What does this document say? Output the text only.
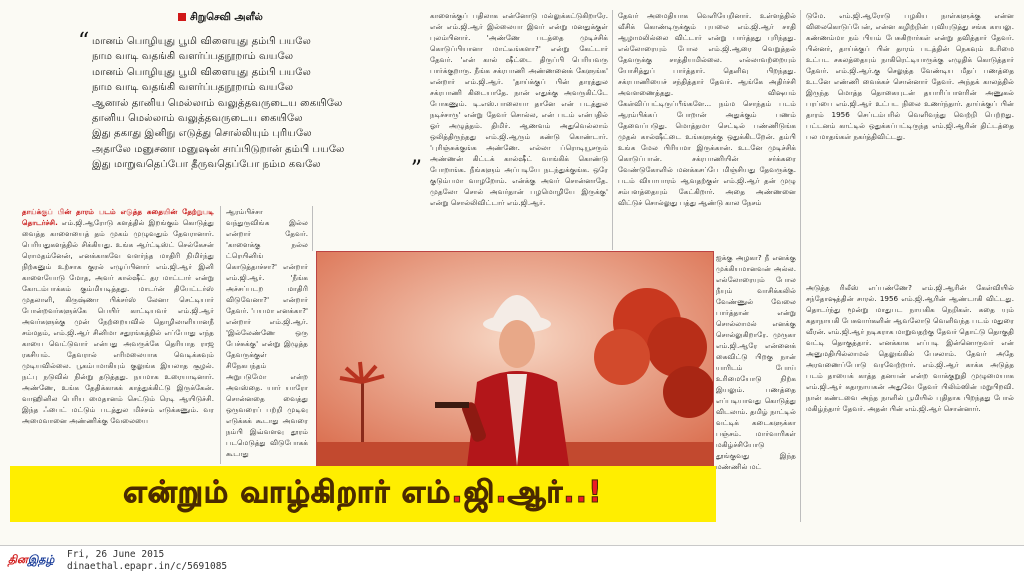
சிறுசெவி அளீல்
“ மானம் பொழியுது பூமி விளையுது தம்பி பயலே
நாம வாடி வதங்கி வளர்ப்பதநூறாம் வயலே
மானம் பொழியுது பூமி விளையுது தம்பி பயலே
நாம வாடி வதங்கி வளர்ப்பதநூறாம் வயலே
ஆனால் தானிய மெல்லாம் வலுத்தவருடைய கையிலே
தானிய மெல்லாம் வலுத்தவருடைய கையிலே
இது தகாது இனிநு எடுத்து சொல்லியும் புரியலே
அதாலே மனுசனா மனுஷன் சாப்பிடுறான் தம்பி பயலே
இது மாறுவதெப்போ தீருவதெப்போ நம்ம கவலே	”

தாய்க்குப் பின் தாரம் படம் எடுத்த கதையின் தேற்றுபடி தொடர்ச்சி. எம்.ஜி.ஆரோடு களத்தில் இறங்கும் கொடுத்து வைத்த காளையைத் தம் முகம் முழுவதும் தேவரானார். பெரியதுகளத்தில் சிக்கியது. உங்க ஆர்ட்டிஸ்ட் செல்கேசன் ரொமதம்னேன், எனக்காகவே வளர்ந்த மாதிரி நிமிர்ந்து நிற்கனும் உற்சாக குரல் எழுப்பினார் எம்.ஜி.ஆர் இனி காளையோடு மோத, அவர் கால்ஷீட் தர மாட்டார் என்று கோடம்பாக்கம் கும்மியடித்தது. மாடர்ன் தியேட்டர்ஸ் முதலாளி, கிருஷ்ணா பிக்சர்ஸ் லேனா செட்டியார் போன்றவர்களுக்கே பெயிர் காட்டியவர் எம்.ஜி.ஆர் அவர்களுக்கு முன் நேற்றையவில் தொழிலாளியானநீ சம்மதம், எம்.ஜி.ஆர் சினிமா சதுரங்கத்தில் எப்போது எந்த காயை வெட்டுவார் என்பது அவருக்கே தெரியாத ராஜ ரகசியம். தேவரால் எரிமலையாக வெடிக்கவும் முடியவில்லை. பூகம்பமாகியும் குலுங்க இயலாத சூழல். நட்பு நடுவில் நின்று தடுத்தது. நயமாக உரையாடினார். அண்ணே, உங்க தேதிக்காகக் காத்துக்கிட்டு இருக்கேன். வாஹினில பெரிய மைதானம் செட்டும் ரெடி ஆயிடுச்சி. இந்த ஃபைட் மட்டும் படத்துல மிச்சம் எடுக்கணும். வர அமைவானை அண்ணிக்கு வேலையை

ஆரம்பிச்சா வந்துருவிங்க இல்ல என்றார் தேவர். 'காளைக்கு நல்ல ட்ரெயினிங் கொடுத்தாச்சா?' என்றார் எம்.ஜி.ஆர். 'நீங்க அச்சப்படற மாதிரி விடுவேனா?' என்றார் தேவர். 'பயமா எனக்கா?' என்றார் எம்.ஜி.ஆர். 'இல்லேண்ணே ஒரு பேச்சுக்கு' என்று இழுத்த தேவருக்குள் சிநேகபந்தம் அறுபடுமோ என்ற அவஸ்தை. யார் யாரோ சொன்னதை வைத்து ஒருவரைப் பற்றி முடிவு எடுக்கக் கூடாது அவரை நம்பி இவ்வளவு தூரம் படமெடுத்து விடுபோகக் கூடாது

காளைக்குப் பதிலாக என்னோடு மல்லுக்கட்டுகிறாரே. என் எம்.ஜி.ஆர் இல்லையா இவர் என்று மனதுக்குள் புலம்பினார். 'அண்ணே படத்தை முடிச்சிக் கொடுப்பியானா மாட்டீங்களா?' என்று கேட்டார் தேவர். 'என் கால் ஷீட்டை திருப்பி பெரியவரு பார்க்குறாரு. நீங்க சக்ரபாணி அண்ணனைக் கேளுங்க' என்றார் எம்.ஜி.ஆர். 'தாய்க்குப் பின் தாரத்துல சக்ரபாணி கிடையாதே. நான் எதுக்கு அவருகிட்டே போகணும். டி.எஸ்.பாலையா தானே என் படத்துல நடிச்சாரு' என்று தேவர் சொல்ல, என் படம் என்பதில் ஓர் அழுத்தம். திமிர். ஆணவம் அதுவெல்லாம் ஒலித்திருந்தது எம்.ஜி.ஆரும் கண்டு கொண்டார். 'புரிஞ்சுக்குங்க அண்ணே. எல்லா ப்ரொடியூசரும் அண்ணன் கிட்டக் கால்ஷீட் வாங்கிக் கொண்டு போறாங்க. நீங்களும் அப்படியே நடந்துக்குங்க. ஒரே குடும்பமா வாழறோம். என்க்கு அவர் சொன்னாதே. முதலோ சொல் அவர்தான் பழமொழியே இருக்கு' என்று சொல்லிவிட்டார் எம்.ஜி.ஆர்.

தேவர் அமைதியாக வெளியேறினார். உள்ளத்தில் வீசிக் கொண்டிருக்கும் புயலை எம்.ஜி.ஆர் சாதி ஆழாமலில்லை விட்டார் என்று பார்த்தது புரிந்தது. எல்லோரையும் போல எம்.ஜி.ஆரை வெறுத்தல் தேவருக்கு சாத்தியமில்லை. எல்லாவற்றையும் யோசித்துப் பார்த்தார். தெளிவு பிறந்தது. சக்ரபாணியைச் சந்தித்தார் தேவர். ஆங்கே அதிர்ச்சி அவளணைத்தது. விஷயம் கேள்விப்பட்டிருப்பீங்களே... நம்ம சொந்தம் படம் ஆரம்பிக்கப் போறான் அதுக்கும் பணம் தேவைப்படுது. மொத்தமா செட்டில் பண்ணிடுங்க முதல் கால்ஷீட்டை உங்களுக்கு ஒதுக்கிடறேன். தம்பி உங்க மேல பிரியமா இருக்கான். உடனே முடிச்சிக் கொடுப்பான். சக்ரபாணியின் சர்க்கரை வேண்டுகோளில் மனக்கசப்பே மிஞ்சியது தேவருக்கு. படம் வியாபாரம் ஆவதற்குள் எம்.ஜி.ஆர் தன் முழு சம்பளத்தையும் கேட்கிறார். அதை அண்ணனை விட்டுச் சொல்லுது பத்து ஆண்டு கால நேசம்

ஐக்கு அழகா? நீ எனக்கு முக்கியமானவன் அல்ல. எல்லோரையும் போல நீயும் வாசிக்கலில் வேண்ணுல் வேலை பார்த்தான் என்று சொல்லாமல் எனக்கு சொல்லுகிறாரே. முருகா எம்.ஜி.ஆரே என்னைக் கைவிட்டு பிறகு நான் யாரிடம் போய் உரிமையோடு நிற்க இயலும். பணத்தை எப்படியாவது கொடுத்து விடலாம். தமிழ் நாட்டில் வட்டிக் கடைகளுக்கா பஞ்சம். மார்வாரிகள் மகிழ்ச்சியோடு தூங்குவது இந்த மண்ணில் மட்

டுமே. எம்.ஜி.ஆரோடு பழகிய நாள்களுக்கு என்ன விலைகொடுப்பேன், என்ன கழிற்றின் புவியுடுத்து சங்க காயலு. கண்ணம்மா நம் பியம் பேசுகிறார்கள் என்று தவித்தார் தேவர். பின்னர், தாய்க்குப் பின் தாரம் படத்தின் நெகவும் உரிமை உட்பட சகலத்தையும் நாகிரெட்டியாருக்கு எழுதிக் கொடுத்தார் தேவர். எம்.ஜி.ஆர்.கு செலுத்த வேண்டிய மீதப் பணத்தை உடனே எண்ணி வைக்கச் சொன்னார் தேவர். அந்தக் காலத்தில் இருந்த மொத்த தொகையுடன் தயாரிப்பாளரின் அணுகல் பரப்பை எம்.ஜி.ஆர் உட்பட நிலை உணர்ந்தார். தாய்க்குப் பின் தாரம் 1956 செப்டம்பரில் வெளிவந்து வெற்றி பெற்றது. பட்டனம் காட்டில் ஒதுக்கப்பட்டிருந்த எம்.ஜி.ஆரின் திட்டத்தை பல மாதங்கள் நகர்த்திவிட்டது.

அடுத்த ரிலீஸ் எப்பண்ணே? எம்.ஜி.ஆரின் கேள்வியில் சந்தோஷத்தின் சாரல். 1956 எம்.ஜி.ஆரின் ஆண்டாகி விட்டது. தொடர்ந்து மூன்று மாதுபட நாயகிக நெறிகள். கதை யும் கதாநாயகி பேசுவார்களின் ஆவலோடு வெளிவந்த படம் மதுரை வீரன். எம்.ஜி.ஆர் நடிகராக மாறுவதற்கு தேவர் தொட்டு தொகுதி வட்டி தொகுத்தார். எனக்காக எப்படி இன்னொருவர் என் அனுமதியில்லாமல் தெலுங்கில் பேசலாம். தேவர் அதே அரவணைப்போடு வரவேற்றார். எம்.ஜி.ஆர் காக்க அடுத்த படம் தாயைக் காத்த தனயன் என்ற வாக்குறுதி முழுமையாக எம்.ஜி.ஆர் கதாநாயகன் அதுவே தேவர் பிலிம்ஸின் மறுபிறவி. நான் கண்டவை அந்த நாளில் பூமியில் புதிதாக பிறந்தது போல் மகிழ்ந்தார் தேவர். அதன் பின் எம்.ஜி.ஆர் சொன்னார்.

என்றும் வாழ்கிறார் எம்.ஜி.ஆர்..!
தினஇதழ் Fri, 26 June 2015
dinaethal.epapr.in/c/5691085
